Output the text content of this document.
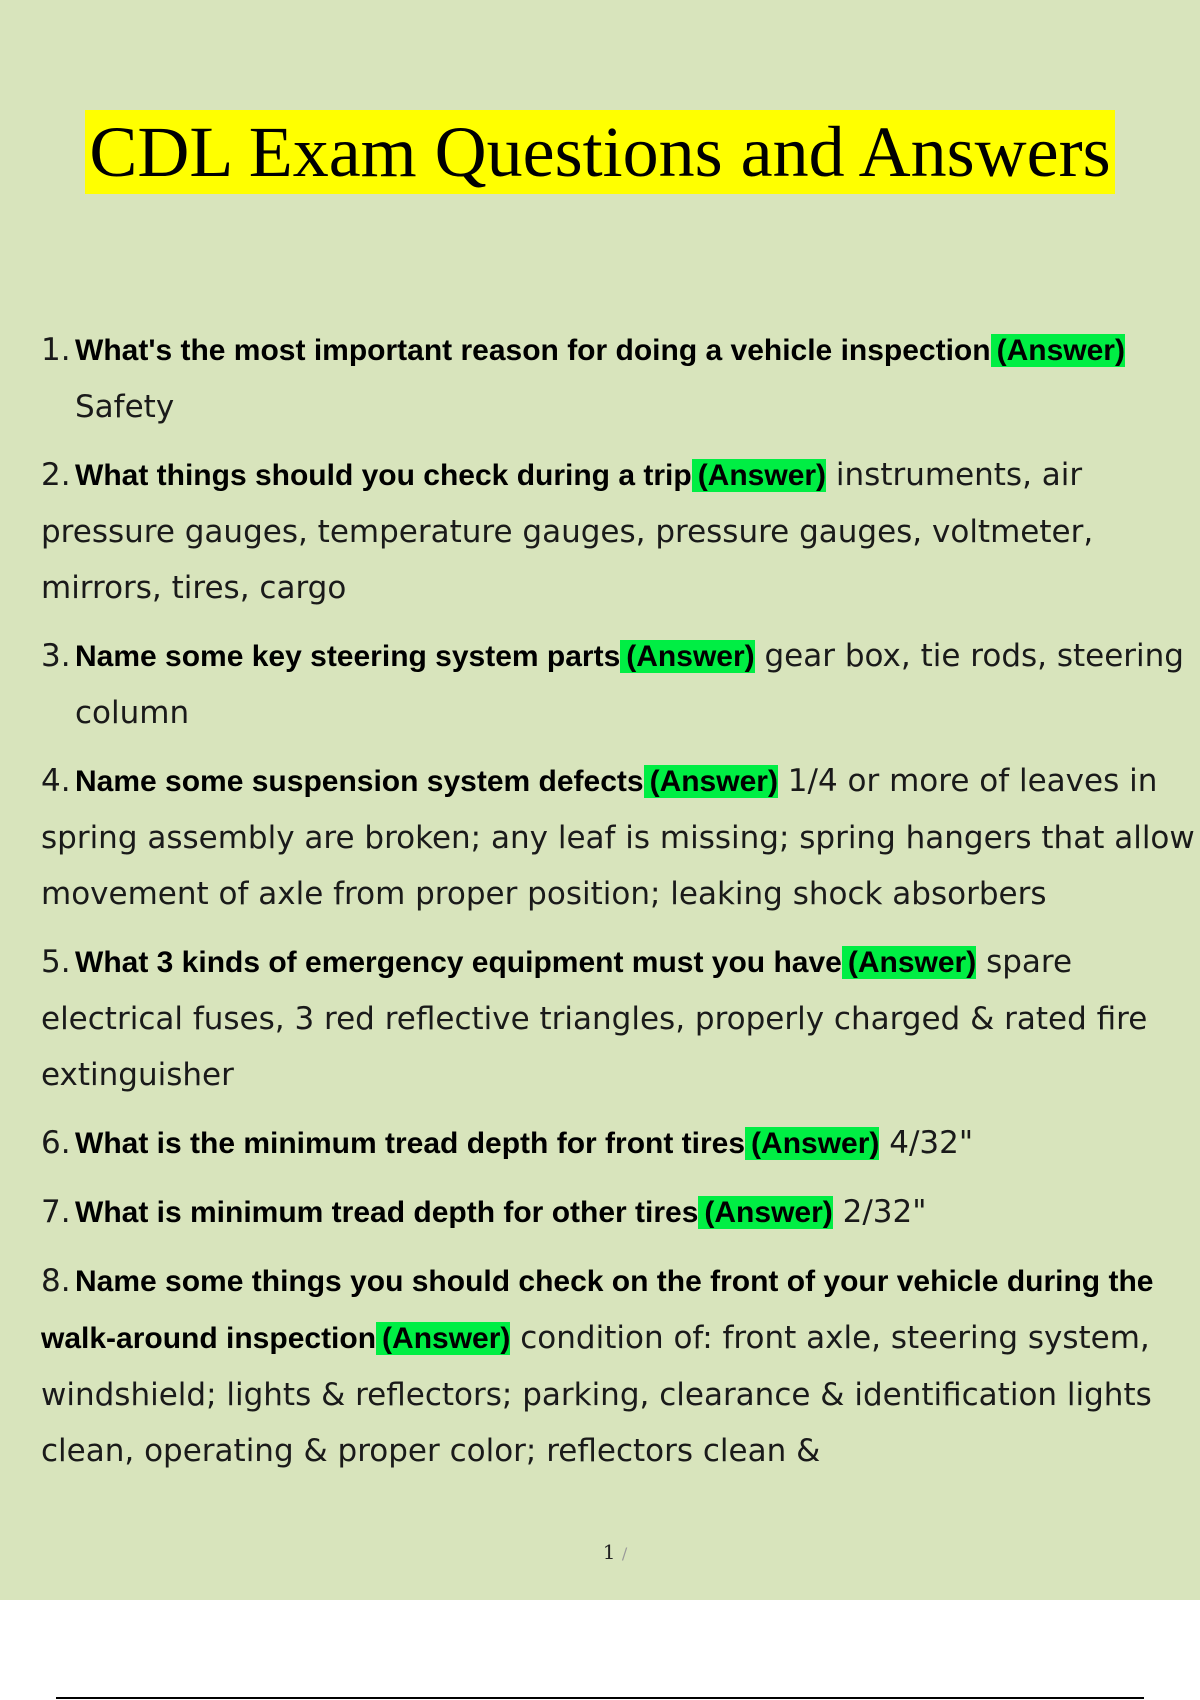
CDL Exam Questions and Answers
1. What's the most important reason for doing a vehicle inspection (Answer) Safety
2. What things should you check during a trip (Answer) instruments, air pressure gauges, temperature gauges, pressure gauges, voltmeter, mirrors, tires, cargo
3. Name some key steering system parts (Answer) gear box, tie rods, steering column
4. Name some suspension system defects (Answer) 1/4 or more of leaves in spring assembly are broken; any leaf is missing; spring hangers that allow movement of axle from proper position; leaking shock absorbers
5. What 3 kinds of emergency equipment must you have (Answer) spare electrical fuses, 3 red reflective triangles, properly charged & rated fire extinguisher
6. What is the minimum tread depth for front tires (Answer) 4/32"
7. What is minimum tread depth for other tires (Answer) 2/32"
8. Name some things you should check on the front of your vehicle during the walk-around inspection (Answer) condition of: front axle, steering system, windshield; lights & reflectors; parking, clearance & identification lights clean, operating & proper color; reflectors clean &
1 /
